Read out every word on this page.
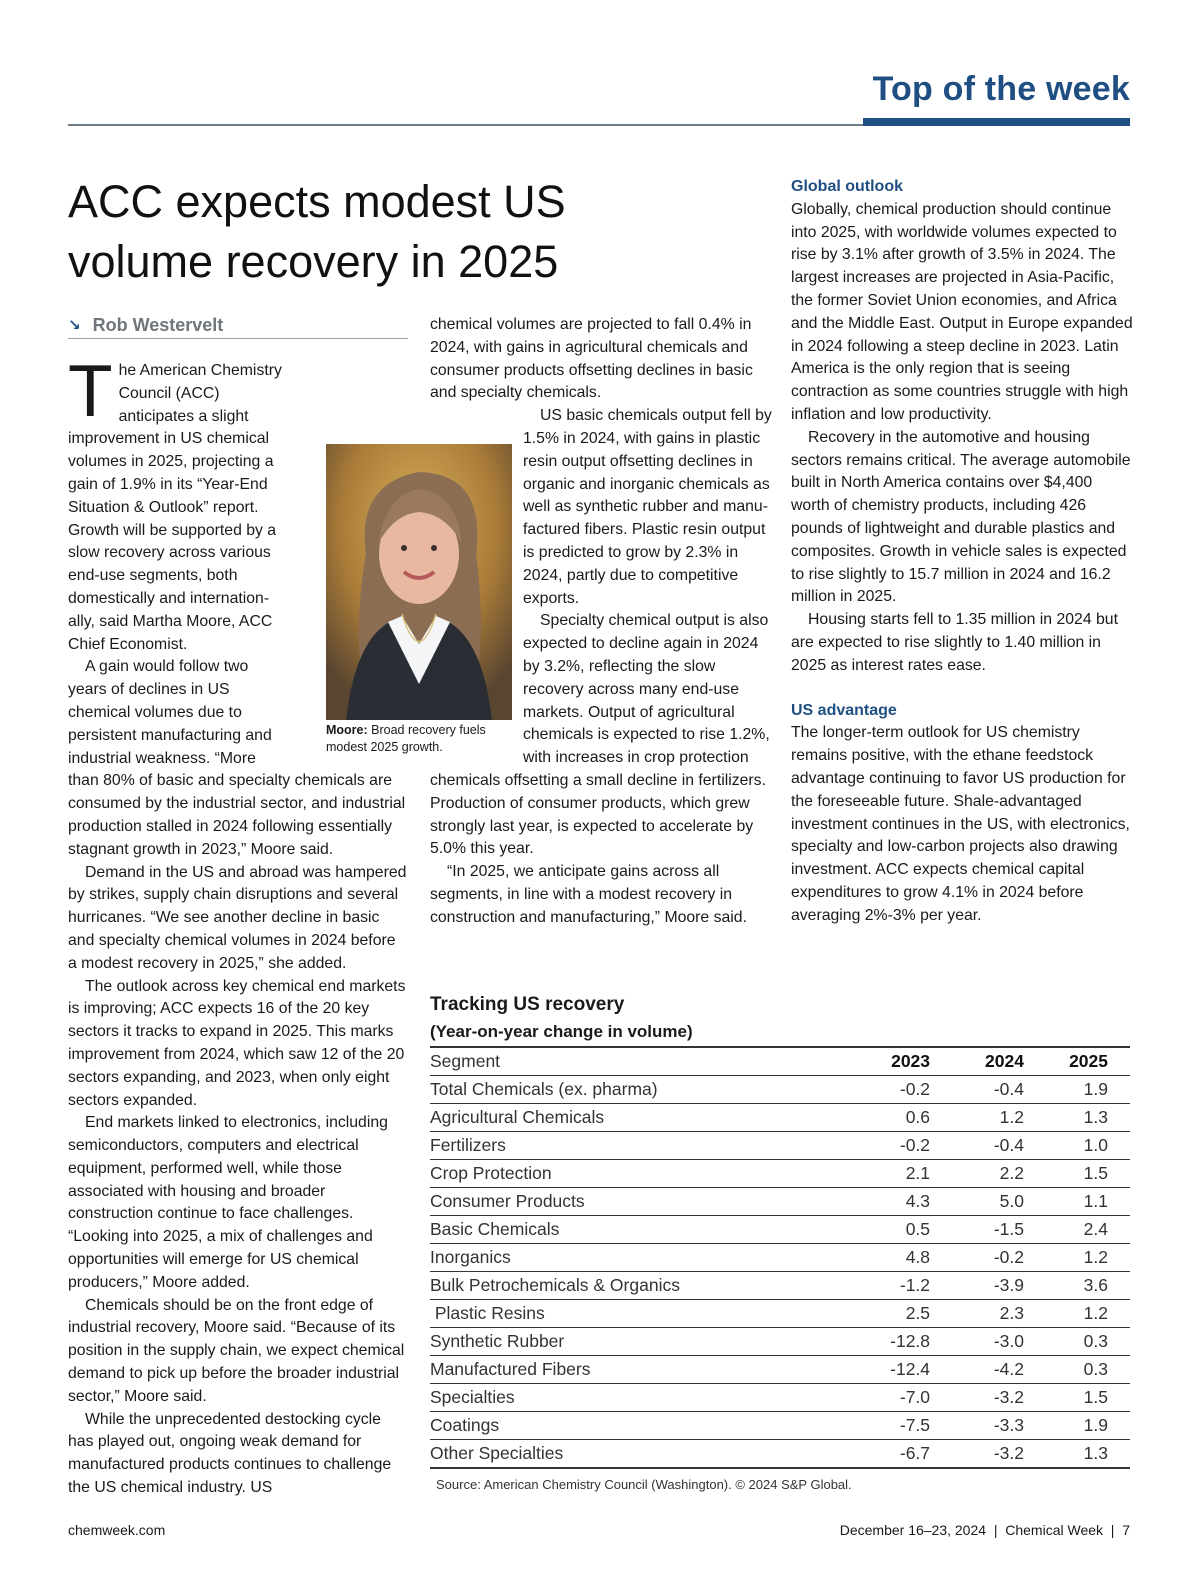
Top of the week
ACC expects modest US volume recovery in 2025
↘ Rob Westervelt

The American Chemistry Council (ACC) anticipates a slight improvement in US chemical volumes in 2025, projecting a gain of 1.9% in its “Year-End Situation & Outlook” report. Growth will be supported by a slow recovery across various end-use segments, both domestically and internationally, said Martha Moore, ACC Chief Economist.

A gain would follow two years of declines in US chemical volumes due to persistent manufacturing and industrial weakness. “More than 80% of basic and specialty chemicals are consumed by the industrial sector, and industrial production stalled in 2024 following essentially stagnant growth in 2023,” Moore said.

Demand in the US and abroad was hampered by strikes, supply chain disruptions and several hurricanes. “We see another decline in basic and specialty chemical volumes in 2024 before a modest recovery in 2025,” she added.

The outlook across key chemical end markets is improving; ACC expects 16 of the 20 key sectors it tracks to expand in 2025. This marks improvement from 2024, which saw 12 of the 20 sectors expanding, and 2023, when only eight sectors expanded.

End markets linked to electronics, including semiconductors, computers and electrical equipment, performed well, while those associated with housing and broader construction continue to face challenges. “Looking into 2025, a mix of challenges and opportunities will emerge for US chemical producers,” Moore added.

Chemicals should be on the front edge of industrial recovery, Moore said. “Because of its position in the supply chain, we expect chemical demand to pick up before the broader industrial sector,” Moore said.

While the unprecedented destocking cycle has played out, ongoing weak demand for manufactured products continues to challenge the US chemical industry. US

chemical volumes are projected to fall 0.4% in 2024, with gains in agricultural chemicals and consumer products offsetting declines in basic and specialty chemicals.

US basic chemicals output fell by 1.5% in 2024, with gains in plastic resin output offsetting declines in organic and inorganic chemicals as well as synthetic rubber and manufactured fibers. Plastic resin output is predicted to grow by 2.3% in 2024, partly due to competitive exports.

Specialty chemical output is also expected to decline again in 2024 by 3.2%, reflecting the slow recovery across many end-use markets. Output of agricultural chemicals is expected to rise 1.2%, with increases in crop protection chemicals offsetting a small decline in fertilizers. Production of consumer products, which grew strongly last year, is expected to accelerate by 5.0% this year.

“In 2025, we anticipate gains across all segments, in line with a modest recovery in construction and manufacturing,” Moore said.

Moore: Broad recovery fuels modest 2025 growth.
Global outlook

Globally, chemical production should continue into 2025, with worldwide volumes expected to rise by 3.1% after growth of 3.5% in 2024. The largest increases are projected in Asia-Pacific, the former Soviet Union economies, and Africa and the Middle East. Output in Europe expanded in 2024 following a steep decline in 2023. Latin America is the only region that is seeing contraction as some countries struggle with high inflation and low productivity.

Recovery in the automotive and housing sectors remains critical. The average automobile built in North America contains over $4,400 worth of chemistry products, including 426 pounds of lightweight and durable plastics and composites. Growth in vehicle sales is expected to rise slightly to 15.7 million in 2024 and 16.2 million in 2025.

Housing starts fell to 1.35 million in 2024 but are expected to rise slightly to 1.40 million in 2025 as interest rates ease.

US advantage

The longer-term outlook for US chemistry remains positive, with the ethane feedstock advantage continuing to favor US production for the foreseeable future. Shale-advantaged investment continues in the US, with electronics, specialty and low-carbon projects also drawing investment. ACC expects chemical capital expenditures to grow 4.1% in 2024 before averaging 2%-3% per year.

Tracking US recovery
(Year-on-year change in volume)
Segment	2023	2024	2025
Total Chemicals (ex. pharma)	-0.2	-0.4	1.9
Agricultural Chemicals	0.6	1.2	1.3
Fertilizers	-0.2	-0.4	1.0
Crop Protection	2.1	2.2	1.5
Consumer Products	4.3	5.0	1.1
Basic Chemicals	0.5	-1.5	2.4
Inorganics	4.8	-0.2	1.2
Bulk Petrochemicals & Organics	-1.2	-3.9	3.6
Plastic Resins	2.5	2.3	1.2
Synthetic Rubber	-12.8	-3.0	0.3
Manufactured Fibers	-12.4	-4.2	0.3
Specialties	-7.0	-3.2	1.5
Coatings	-7.5	-3.3	1.9
Other Specialties	-6.7	-3.2	1.3
Source: American Chemistry Council (Washington). © 2024 S&P Global.
chemweek.com	December 16–23, 2024  |  Chemical Week  |  7
